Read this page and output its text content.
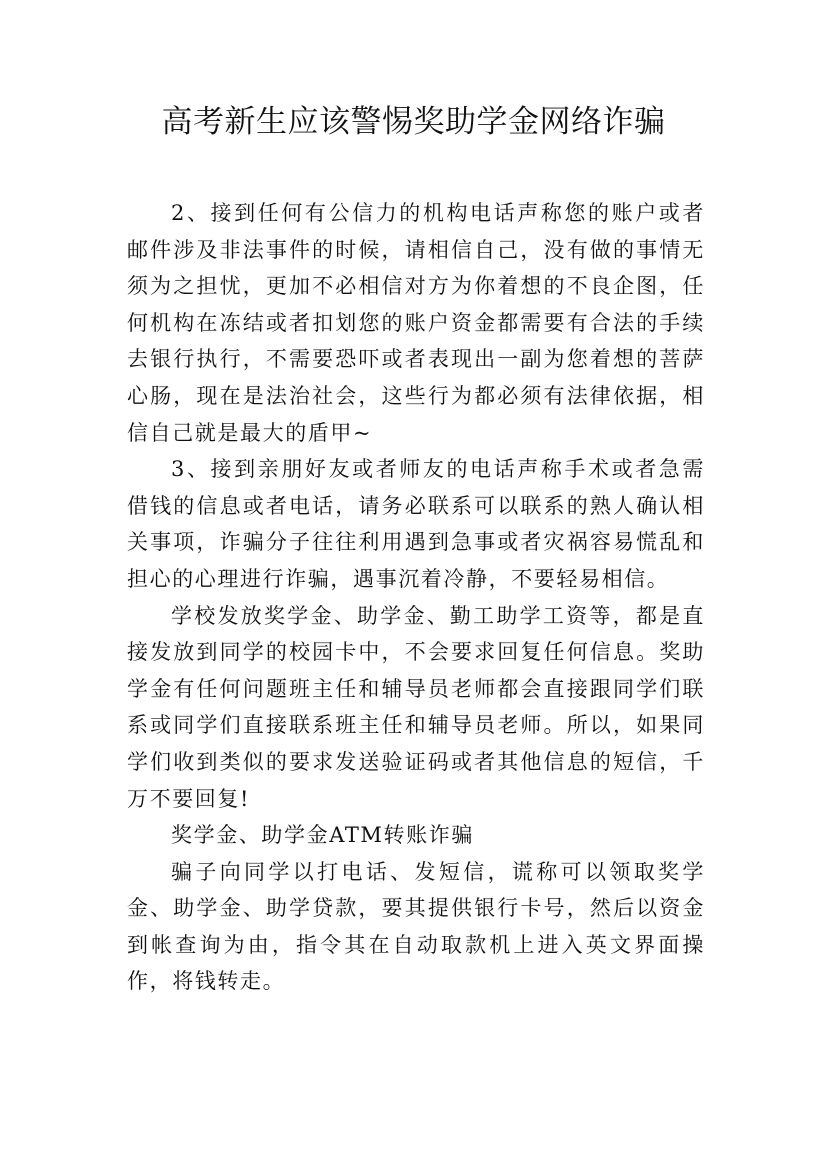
高考新生应该警惕奖助学金网络诈骗

2、接到任何有公信力的机构电话声称您的账户或者邮件涉及非法事件的时候，请相信自己，没有做的事情无须为之担忧，更加不必相信对方为你着想的不良企图，任何机构在冻结或者扣划您的账户资金都需要有合法的手续去银行执行，不需要恐吓或者表现出一副为您着想的菩萨心肠，现在是法治社会，这些行为都必须有法律依据，相信自己就是最大的盾甲~

3、接到亲朋好友或者师友的电话声称手术或者急需借钱的信息或者电话，请务必联系可以联系的熟人确认相关事项，诈骗分子往往利用遇到急事或者灾祸容易慌乱和担心的心理进行诈骗，遇事沉着冷静，不要轻易相信。

学校发放奖学金、助学金、勤工助学工资等，都是直接发放到同学的校园卡中，不会要求回复任何信息。奖助学金有任何问题班主任和辅导员老师都会直接跟同学们联系或同学们直接联系班主任和辅导员老师。所以，如果同学们收到类似的要求发送验证码或者其他信息的短信，千万不要回复!

奖学金、助学金ATM转账诈骗

骗子向同学以打电话、发短信，谎称可以领取奖学金、助学金、助学贷款，要其提供银行卡号，然后以资金到帐查询为由，指令其在自动取款机上进入英文界面操作，将钱转走。
